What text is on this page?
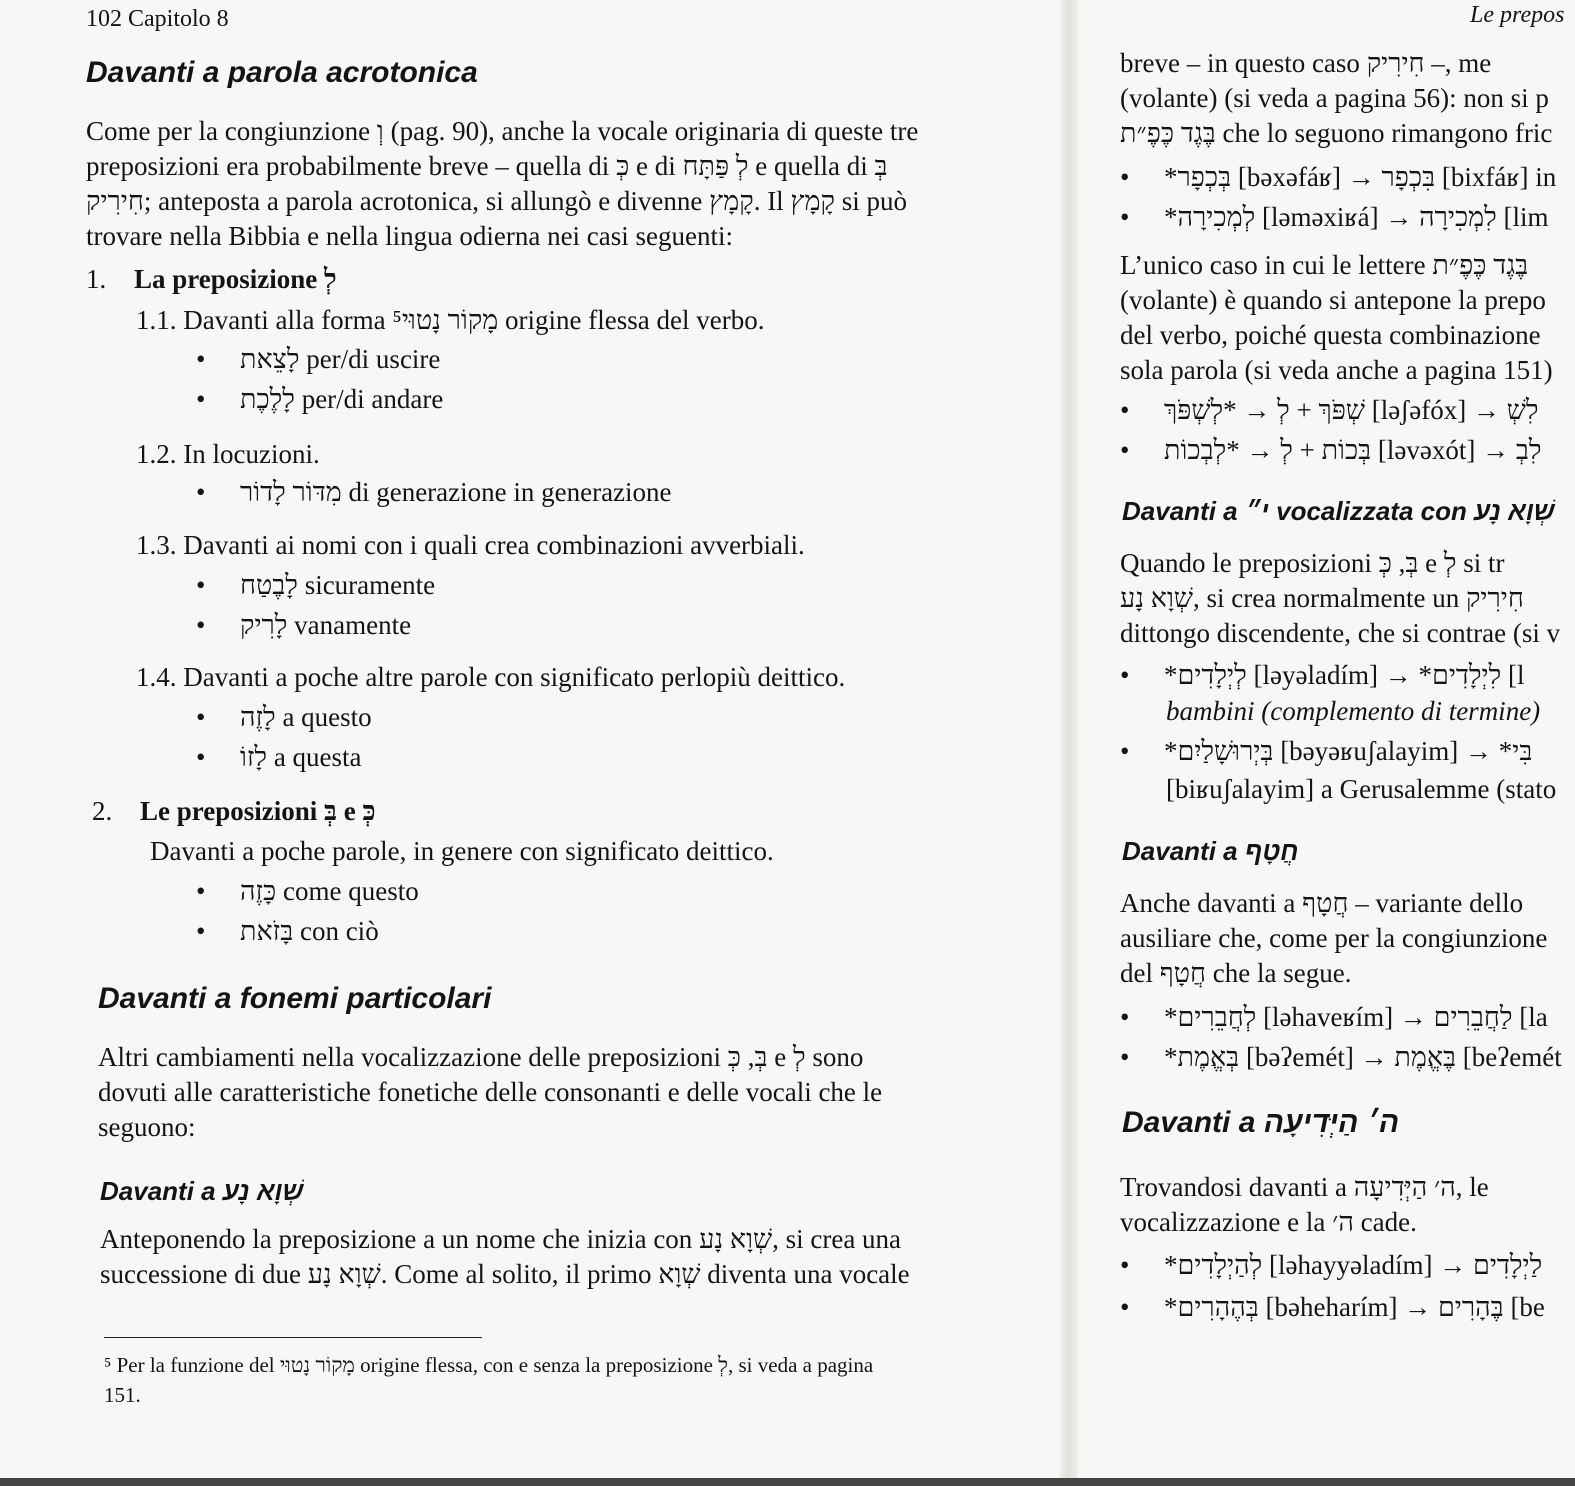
102 Capitolo 8
Davanti a parola acrotonica
Come per la congiunzione וְ (pag. 90), anche la vocale originaria di queste tre
preposizioni era probabilmente breve – quella di כְּ e di לְ פַּתָּח e quella di בְּ
חִירִיק; anteposta a parola acrotonica, si allungò e divenne קָמָץ. Il קָמָץ si può
trovare nella Bibbia e nella lingua odierna nei casi seguenti:
1. La preposizione לְ
1.1. Davanti alla forma ⁵מָקוֹר נָטוּי origine flessa del verbo.
• לָצֵאת per/di uscire
• לָלֶכֶת per/di andare
1.2. In locuzioni.
• מִדּוֹר לָדוֹר di generazione in generazione
1.3. Davanti ai nomi con i quali crea combinazioni avverbiali.
• לָבֶטַח sicuramente
• לָרִיק vanamente
1.4. Davanti a poche altre parole con significato perlopiù deittico.
• לָזֶה a questo
• לָזוֹ a questa
2. Le preposizioni בְּ e כְּ
Davanti a poche parole, in genere con significato deittico.
• כָּזֶה come questo
• בָּזֹאת con ciò
Davanti a fonemi particolari
Altri cambiamenti nella vocalizzazione delle preposizioni בְּ, כְּ e לְ sono
dovuti alle caratteristiche fonetiche delle consonanti e delle vocali che le
seguono:
Davanti a שְׁוָא נָע
Anteponendo la preposizione a un nome che inizia con שְׁוָא נָע, si crea una
successione di due שְׁוָא נָע. Come al solito, il primo שְׁוָא diventa una vocale
⁵ Per la funzione del מָקוֹר נָטוּי origine flessa, con e senza la preposizione לְ, si veda a pagina
151.
Le prepos
breve – in questo caso חִירִיק –, me
(volante) (si veda a pagina 56): non si p
בֶּגֶד כֶּפֶ״ת che lo seguono rimangono fric
• *בְּכְפָר [bəxəfáʁ] → בִּכְפָר [bixfáʁ] in
• *לְמְכִירָה [ləməxiʁá] → לִמְכִירָה [lim
L’unico caso in cui le lettere בֶּגֶד כֶּפֶ״ת
(volante) è quando si antepone la prepo
del verbo, poiché questa combinazione
sola parola (si veda anche a pagina 151)
• שְׁפֹּךְ + לְ → *לְשְׁפֹּךְ [ləʃəfóx] → לִשְׁ
• בְּכוֹת + לְ → *לְבְכוֹת [ləvəxót] → לִבְ
Davanti a י״ vocalizzata con שְׁוָא נָע
Quando le preposizioni בְּ, כְּ e לְ si tr
שְׁוָא נָע, si crea normalmente un חִירִיק
dittongo discendente, che si contrae (si v
• *לְיְלָדִים [ləyəladím] → *לִיְלָדִים [l
bambini (complemento di termine)
• *בְּיְרוּשָׁלַיִם [bəyəʁuʃalayim] → *בִּי
[biʁuʃalayim] a Gerusalemme (stato
Davanti a חֲטָף
Anche davanti a חֲטָף – variante dello
ausiliare che, come per la congiunzione
del חֲטָף che la segue.
• *לְחֲבֵרִים [ləhaveʁím] → לַחֲבֵרִים [la
• *בְּאֱמֶת [bəʔemét] → בֶּאֱמֶת [beʔemét
Davanti a ה׳ הַיְּדִיעָה
Trovandosi davanti a ה׳ הַיְּדִיעָה, le
vocalizzazione e la ה׳ cade.
• *לְהַיְלָדִים [ləhayyəladím] → לַיְלָדִים
• *בְּהֶהָרִים [bəheharím] → בֶּהָרִים [be
